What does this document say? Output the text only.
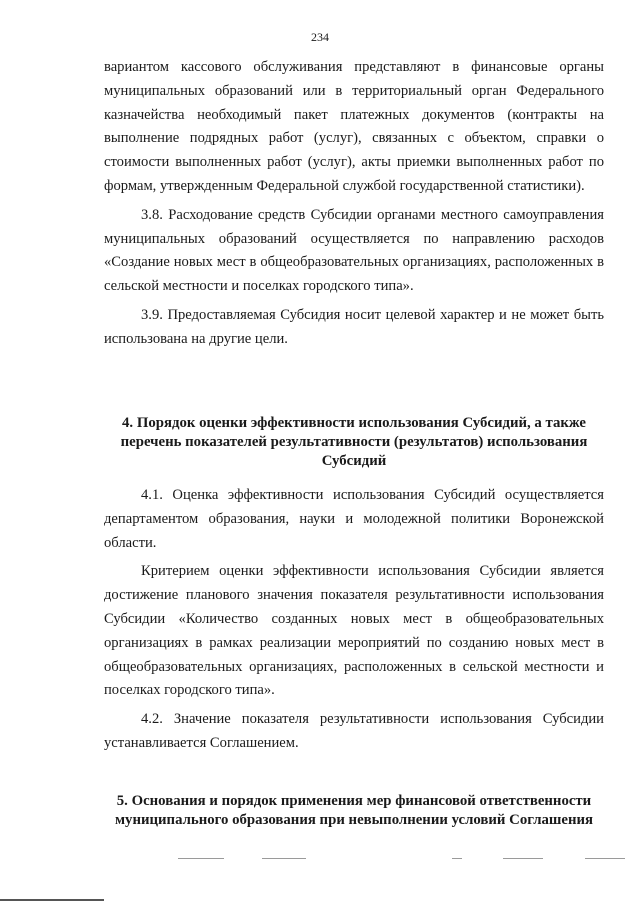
234

вариантом кассового обслуживания представляют в финансовые органы муниципальных образований или в территориальный орган Федерального казначейства необходимый пакет платежных документов (контракты на выполнение подрядных работ (услуг), связанных с объектом, справки о стоимости выполненных работ (услуг), акты приемки выполненных работ по формам, утвержденным Федеральной службой государственной статистики).

3.8. Расходование средств Субсидии органами местного самоуправления муниципальных образований осуществляется по направлению расходов «Создание новых мест в общеобразовательных организациях, расположенных в сельской местности и поселках городского типа».

3.9. Предоставляемая Субсидия носит целевой характер и не может быть использована на другие цели.

4. Порядок оценки эффективности использования Субсидий, а также перечень показателей результативности (результатов) использования Субсидий

4.1. Оценка эффективности использования Субсидий осуществляется департаментом образования, науки и молодежной политики Воронежской области.

Критерием оценки эффективности использования Субсидии является достижение планового значения показателя результативности использования Субсидии «Количество созданных новых мест в общеобразовательных организациях в рамках реализации мероприятий по созданию новых мест в общеобразовательных организациях, расположенных в сельской местности и поселках городского типа».

4.2. Значение показателя результативности использования Субсидии устанавливается Соглашением.

5. Основания и порядок применения мер финансовой ответственности муниципального образования при невыполнении условий Соглашения
